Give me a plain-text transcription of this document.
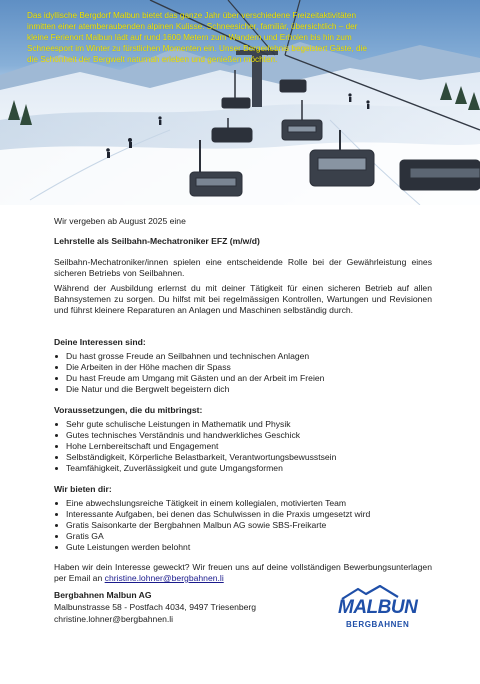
Das idyllische Bergdorf Malbun bietet das ganze Jahr über verschiedene Freizeitaktivitäten inmitten einer atemberaubenden alpinen Kulisse. Schneesicher, familiär, übersichtlich – der kleine Ferienort Malbun lädt auf rund 1600 Metern zum Wandern und Erholen bis hin zum Schneesport im Winter zu fürstlichen Momenten ein. Unser Bergerlebnis begeistert Gäste, die die Schönheit der Bergwelt naturnah erleben und genießen möchten.

Wir vergeben ab August 2025 eine

Lehrstelle als Seilbahn-Mechatroniker EFZ (m/w/d)

Seilbahn-Mechatroniker/innen spielen eine entscheidende Rolle bei der Gewährleistung eines sicheren Betriebs von Seilbahnen.

Während der Ausbildung erlernst du mit deiner Tätigkeit für einen sicheren Betrieb auf allen Bahnsystemen zu sorgen. Du hilfst mit bei regelmässigen Kontrollen, Wartungen und Revisionen und führst kleinere Reparaturen an Anlagen und Maschinen selbständig durch.

Deine Interessen sind:

Du hast grosse Freude an Seilbahnen und technischen Anlagen
Die Arbeiten in der Höhe machen dir Spass
Du hast Freude am Umgang mit Gästen und an der Arbeit im Freien
Die Natur und die Bergwelt begeistern dich

Voraussetzungen, die du mitbringst:

Sehr gute schulische Leistungen in Mathematik und Physik
Gutes technisches Verständnis und handwerkliches Geschick
Hohe Lernbereitschaft und Engagement
Selbständigkeit, Körperliche Belastbarkeit, Verantwortungsbewusstsein
Teamfähigkeit, Zuverlässigkeit und gute Umgangsformen

Wir bieten dir:

Eine abwechslungsreiche Tätigkeit in einem kollegialen, motivierten Team
Interessante Aufgaben, bei denen das Schulwissen in die Praxis umgesetzt wird
Gratis Saisonkarte der Bergbahnen Malbun AG sowie SBS-Freikarte
Gratis GA
Gute Leistungen werden belohnt

Haben wir dein Interesse geweckt? Wir freuen uns auf deine vollständigen Bewerbungsunterlagen per Email an christine.lohner@bergbahnen.li

Bergbahnen Malbun AG

Malbunstrasse 58 - Postfach 4034, 9497 Triesenberg

christine.lohner@bergbahnen.li

MALBUN
BERGBAHNEN
